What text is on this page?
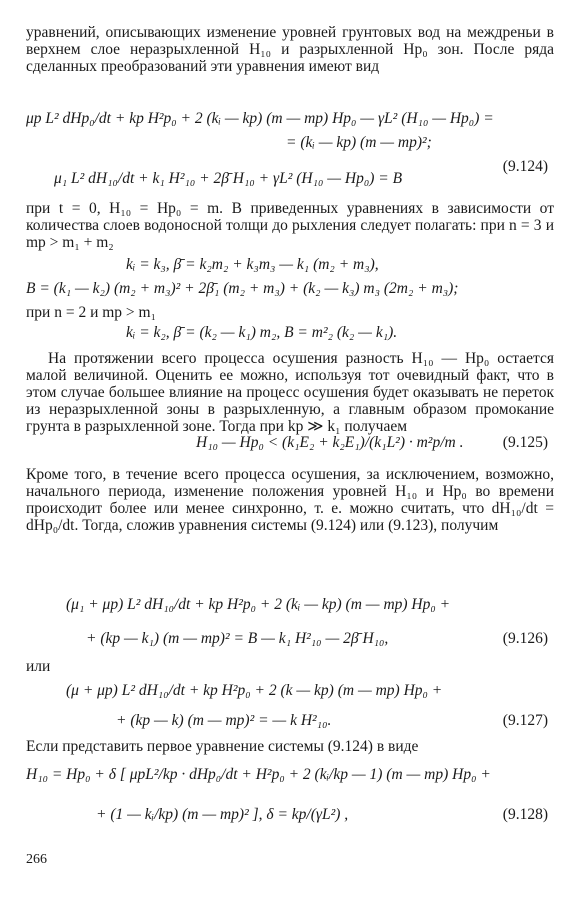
уравнений, описывающих изменение уровней грунтовых вод на междреньи в верхнем слое неразрыхленной H₁₀ и разрыхленной Hр₀ зон. После ряда сделанных преобразований эти уравнения имеют вид
μр L² dHр₀/dt + kр H²р₀ + 2 (kᵢ — kр) (m — mр) Hр₀ — γL² (H₁₀ — Hр₀) =
= (kᵢ — kр) (m — mр)²;
(9.124)
μ₁ L² dH₁₀/dt + k₁ H²₁₀ + 2β̄ H₁₀ + γL² (H₁₀ — Hр₀) = B
при t = 0, H₁₀ = Hр₀ = m. В приведенных уравнениях в зависимости от количества слоев водоносной толщи до рыхления следует полагать: при n = 3 и mр > m₁ + m₂
kᵢ = k₃, β̄ = k₂m₂ + k₃m₃ — k₁ (m₂ + m₃),
B = (k₁ — k₂) (m₂ + m₃)² + 2β̄₁ (m₂ + m₃) + (k₂ — k₃) m₃ (2m₂ + m₃);
при n = 2 и mр > m₁
kᵢ = k₂, β̄ = (k₂ — k₁) m₂, B = m²₂ (k₂ — k₁).
На протяжении всего процесса осушения разность H₁₀ — Hр₀ остается малой величиной. Оценить ее можно, используя тот очевидный факт, что в этом случае большее влияние на процесс осушения будет оказывать не переток из неразрыхленной зоны в разрыхленную, а главным образом промокание грунта в разрыхленной зоне. Тогда при kр ≫ k₁ получаем
H₁₀ — Hр₀ < (k₁E₂ + k₂E₁)/(k₁L²) · m²р/m .	(9.125)
Кроме того, в течение всего процесса осушения, за исключением, возможно, начального периода, изменение положения уровней H₁₀ и Hр₀ во времени происходит более или менее синхронно, т. е. можно считать, что dH₁₀/dt = dHр₀/dt. Тогда, сложив уравнения системы (9.124) или (9.123), получим
(μ₁ + μр) L² dH₁₀/dt + kр H²р₀ + 2 (kᵢ — kр) (m — mр) Hр₀ +
+ (kр — k₁) (m — mр)² = B — k₁ H²₁₀ — 2β̄ H₁₀,	(9.126)
или
(μ + μр) L² dH₁₀/dt + kр H²р₀ + 2 (k — kр) (m — mр) Hр₀ +
+ (kр — k) (m — mр)² = — k H²₁₀.	(9.127)
Если представить первое уравнение системы (9.124) в виде
H₁₀ = Hр₀ + δ [ μрL²/kр · dHр₀/dt + H²р₀ + 2 (kᵢ/kр — 1) (m — mр) Hр₀ +
+ (1 — kᵢ/kр) (m — mр)² ], δ = kр/(γL²) ,	(9.128)
266
